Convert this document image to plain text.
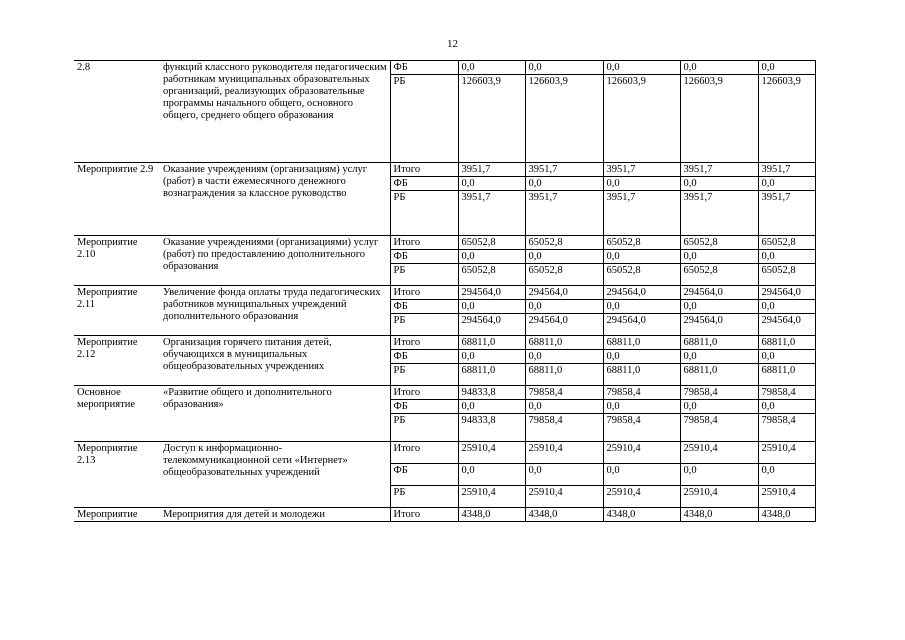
12
2.8	функций классного руководителя педагогическим работникам муниципальных образовательных организаций, реализующих образовательные программы начального общего, основного общего, среднего общего образования	ФБ	0,0	0,0	0,0	0,0	0,0
		РБ	126603,9	126603,9	126603,9	126603,9	126603,9
Мероприятие 2.9	Оказание учреждениям (организациям) услуг (работ) в части ежемесячного денежного вознаграждения за классное руководство	Итого	3951,7	3951,7	3951,7	3951,7	3951,7
		ФБ	0,0	0,0	0,0	0,0	0,0
		РБ	3951,7	3951,7	3951,7	3951,7	3951,7
Мероприятие 2.10	Оказание учреждениями (организациями) услуг (работ) по предоставлению дополнительного образования	Итого	65052,8	65052,8	65052,8	65052,8	65052,8
		ФБ	0,0	0,0	0,0	0,0	0,0
		РБ	65052,8	65052,8	65052,8	65052,8	65052,8
Мероприятие 2.11	Увеличение фонда оплаты труда педагогических работников муниципальных учреждений дополнительного образования	Итого	294564,0	294564,0	294564,0	294564,0	294564,0
		ФБ	0,0	0,0	0,0	0,0	0,0
		РБ	294564,0	294564,0	294564,0	294564,0	294564,0
Мероприятие 2.12	Организация горячего питания детей, обучающихся в муниципальных общеобразовательных учреждениях	Итого	68811,0	68811,0	68811,0	68811,0	68811,0
		ФБ	0,0	0,0	0,0	0,0	0,0
		РБ	68811,0	68811,0	68811,0	68811,0	68811,0
Основное мероприятие	«Развитие общего и дополнительного образования»	Итого	94833,8	79858,4	79858,4	79858,4	79858,4
		ФБ	0,0	0,0	0,0	0,0	0,0
		РБ	94833,8	79858,4	79858,4	79858,4	79858,4
Мероприятие 2.13	Доступ к информационно-телекоммуникационной сети «Интернет» общеобразовательных учреждений	Итого	25910,4	25910,4	25910,4	25910,4	25910,4
		ФБ	0,0	0,0	0,0	0,0	0,0
		РБ	25910,4	25910,4	25910,4	25910,4	25910,4
Мероприятие	Мероприятия для детей и молодежи	Итого	4348,0	4348,0	4348,0	4348,0	4348,0
